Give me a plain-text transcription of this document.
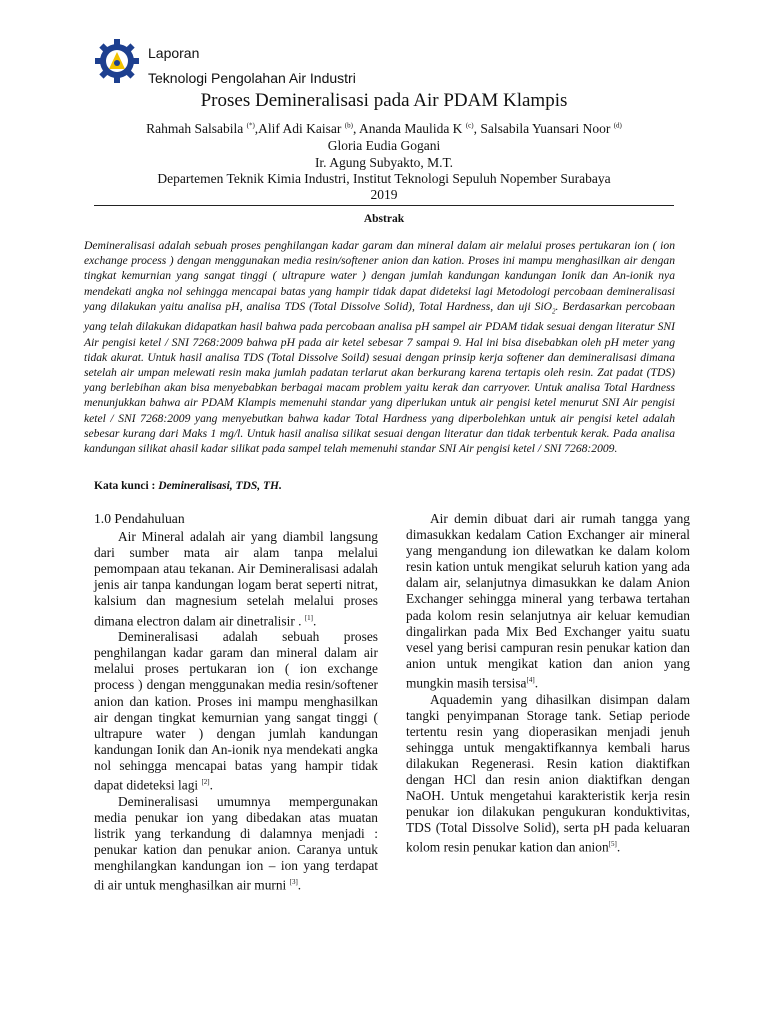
Laporan
Teknologi Pengolahan Air Industri
Proses Demineralisasi pada Air PDAM Klampis
Rahmah Salsabila (*),Alif Adi Kaisar $^{(b)}$, Ananda Maulida K $^{(c)}$, Salsabila Yuansari Noor $^{(d)}$
Gloria Eudia Gogani
Ir. Agung Subyakto, M.T.
Departemen Teknik Kimia Industri, Institut Teknologi Sepuluh Nopember Surabaya
2019
Abstrak

Demineralisasi adalah sebuah proses penghilangan kadar garam dan mineral dalam air melalui proses pertukaran ion ( ion exchange process ) dengan menggunakan media resin/softener anion dan kation. Proses ini mampu menghasilkan air dengan tingkat kemurnian yang sangat tinggi ( ultrapure water ) dengan jumlah kandungan kandungan Ionik dan An-ionik nya mendekati angka nol sehingga mencapai batas yang hampir tidak dapat dideteksi lagi Metodologi percobaan demineralisasi yang dilakukan yaitu analisa pH, analisa TDS (Total Dissolve Solid), Total Hardness, dan uji SiO$_2$. Berdasarkan percobaan yang telah dilakukan didapatkan hasil bahwa pada percobaan analisa pH sampel air PDAM tidak sesuai dengan literatur SNI Air pengisi ketel / SNI 7268:2009 bahwa pH pada air ketel sebesar 7 sampai 9. Hal ini bisa disebabkan oleh pH meter yang tidak akurat. Untuk hasil analisa TDS (Total Dissolve Soild) sesuai dengan prinsip kerja softener dan demineralisasi dimana setelah air umpan melewati resin maka jumlah padatan terlarut akan berkurang karena tertapis oleh resin. Zat padat (TDS) yang berlebihan akan bisa menyebabkan berbagai macam problem yaitu kerak dan carryover. Untuk analisa Total Hardness menunjukkan bahwa air PDAM Klampis memenuhi standar yang diperlukan untuk air pengisi ketel menurut SNI Air pengisi ketel / SNI 7268:2009 yang menyebutkan bahwa kadar Total Hardness yang diperbolehkan untuk air pengisi ketel adalah sebesar kurang dari Maks 1 mg/l. Untuk hasil analisa silikat sesuai dengan literatur dan tidak terbentuk kerak. Pada analisa kandungan silikat ahasil kadar silikat pada sampel telah memenuhi standar SNI Air pengisi ketel / SNI 7268:2009.

Kata kunci : Demineralisasi, TDS, TH.
1.0 Pendahuluan

Air Mineral adalah air yang diambil langsung dari sumber mata air alam tanpa melalui pemompaan atau tekanan. Air Demineralisasi adalah jenis air tanpa kandungan logam berat seperti nitrat, kalsium dan magnesium setelah melalui proses dimana electron dalam air dinetralisir . [1].

Demineralisasi adalah sebuah proses penghilangan kadar garam dan mineral dalam air melalui proses pertukaran ion ( ion exchange process ) dengan menggunakan media resin/softener anion dan kation. Proses ini mampu menghasilkan air dengan tingkat kemurnian yang sangat tinggi ( ultrapure water ) dengan jumlah kandungan kandungan Ionik dan An-ionik nya mendekati angka nol sehingga mencapai batas yang hampir tidak dapat dideteksi lagi [2].

Demineralisasi umumnya mempergunakan media penukar ion yang dibedakan atas muatan listrik yang terkandung di dalamnya menjadi : penukar kation dan penukar anion. Caranya untuk menghilangkan kandungan ion – ion yang terdapat di air untuk menghasilkan air murni [3].

Air demin dibuat dari air rumah tangga yang dimasukkan kedalam Cation Exchanger air mineral yang mengandung ion dilewatkan ke dalam kolom resin kation untuk mengikat seluruh kation yang ada dalam air, selanjutnya dimasukkan ke dalam Anion Exchanger sehingga mineral yang terbawa tertahan pada kolom resin selanjutnya air keluar kemudian dingalirkan pada Mix Bed Exchanger yaitu suatu vesel yang berisi campuran resin penukar kation dan anion untuk mengikat kation dan anion yang mungkin masih tersisa[4].

Aquademin yang dihasilkan disimpan dalam tangki penyimpanan Storage tank. Setiap periode tertentu resin yang dioperasikan menjadi jenuh sehingga untuk mengaktifkannya kembali harus dilakukan Regenerasi. Resin kation diaktifkan dengan HCl dan resin anion diaktifkan dengan NaOH. Untuk mengetahui karakteristik kerja resin penukar ion dilakukan pengukuran konduktivitas, TDS (Total Dissolve Solid), serta pH pada keluaran kolom resin penukar kation dan anion[5].
